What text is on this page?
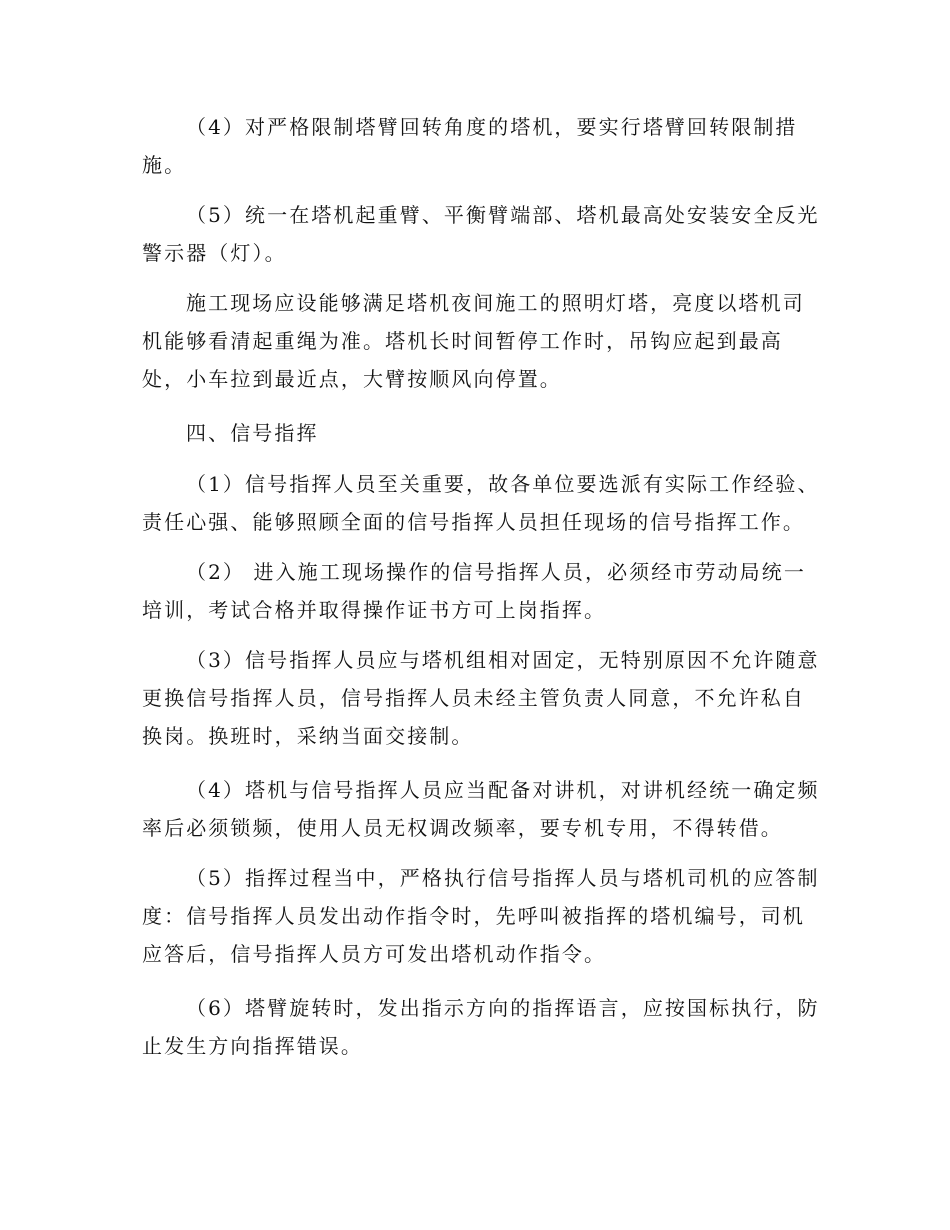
（4）对严格限制塔臂回转角度的塔机，要实行塔臂回转限制措
施。
（5）统一在塔机起重臂、平衡臂端部、塔机最高处安装安全反光
警示器（灯）。
施工现场应设能够满足塔机夜间施工的照明灯塔，亮度以塔机司
机能够看清起重绳为准。塔机长时间暂停工作时，吊钩应起到最高
处，小车拉到最近点，大臂按顺风向停置。
四、信号指挥
（1）信号指挥人员至关重要，故各单位要选派有实际工作经验、
责任心强、能够照顾全面的信号指挥人员担任现场的信号指挥工作。
（2） 进入施工现场操作的信号指挥人员，必须经市劳动局统一
培训，考试合格并取得操作证书方可上岗指挥。
（3）信号指挥人员应与塔机组相对固定，无特别原因不允许随意
更换信号指挥人员，信号指挥人员未经主管负责人同意，不允许私自
换岗。换班时，采纳当面交接制。
（4）塔机与信号指挥人员应当配备对讲机，对讲机经统一确定频
率后必须锁频，使用人员无权调改频率，要专机专用，不得转借。
（5）指挥过程当中，严格执行信号指挥人员与塔机司机的应答制
度：信号指挥人员发出动作指令时，先呼叫被指挥的塔机编号，司机
应答后，信号指挥人员方可发出塔机动作指令。
（6）塔臂旋转时，发出指示方向的指挥语言，应按国标执行，防
止发生方向指挥错误。
